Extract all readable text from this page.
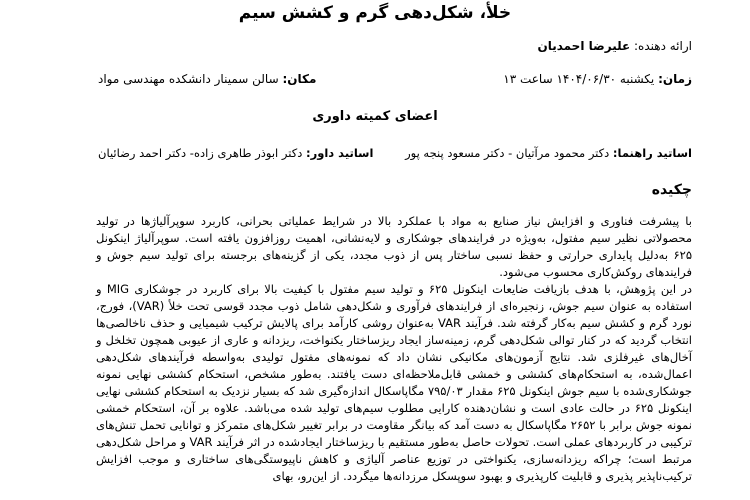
خلأ، شکل‌دهی گرم و کشش سیم
ارائه دهنده: علیرضا احمدیان
زمان: یکشنبه ۱۴۰۴/۰۶/۳۰ ساعت ۱۳
مکان: سالن سمینار دانشکده مهندسی مواد
اعضای کمیته داوری
اساتید راهنما: دکتر محمود مرآتیان - دکتر مسعود پنجه پور
اساتید داور: دکتر ابوذر طاهری زاده- دکتر احمد رضائیان
چکیده

با پیشرفت فناوری و افزایش نیاز صنایع به مواد با عملکرد بالا در شرایط عملیاتی بحرانی، کاربرد سوپرآلیاژها در تولید محصولاتی نظیر سیم مفتول، به‌ویژه در فرایندهای جوشکاری و لایه‌نشانی، اهمیت روزافزون یافته است. سوپرآلیاژ اینکونل ۶۲۵ به‌دلیل پایداری حرارتی و حفظ نسبی ساختار پس از ذوب مجدد، یکی از گزینه‌های برجسته برای تولید سیم جوش و فرایندهای روکش‌کاری محسوب می‌شود.

در این پژوهش، با هدف بازیافت ضایعات اینکونل ۶۲۵ و تولید سیم مفتول با کیفیت بالا برای کاربرد در جوشکاری MIG و استفاده به عنوان سیم جوش، زنجیره‌ای از فرایندهای فرآوری و شکل‌دهی شامل ذوب مجدد قوسی تحت خلأ (VAR)، فورج، نورد گرم و کشش سیم به‌کار گرفته شد. فرآیند VAR به‌عنوان روشی کارآمد برای پالایش ترکیب شیمیایی و حذف ناخالصی‌ها انتخاب گردید که در کنار توالی شکل‌دهی گرم، زمینه‌ساز ایجاد ریزساختار یکنواخت، ریزدانه و عاری از عیوبی همچون تخلخل و آخال‌های غیرفلزی شد. نتایج آزمون‌های مکانیکی نشان داد که نمونه‌های مفتول تولیدی به‌واسطه فرآیندهای شکل‌دهی اعمال‌شده، به استحکام‌های کششی و خمشی قابل‌ملاحظه‌ای دست یافتند. به‌طور مشخص، استحکام کششی نهایی نمونه جوشکاری‌شده با سیم جوش اینکونل ۶۲۵ مقدار ۷۹۵/۰۳ مگاپاسکال اندازه‌گیری شد که بسیار نزدیک به استحکام کششی نهایی اینکونل ۶۲۵ در حالت عادی است و نشان‌دهنده کارایی مطلوب سیم‌های تولید شده می‌باشد. علاوه بر آن، استحکام خمشی نمونه جوش برابر با ۲۶۵۲ مگاپاسکال به دست آمد که بیانگر مقاومت در برابر تغییر شکل‌های متمرکز و توانایی تحمل تنش‌های ترکیبی در کاربردهای عملی است. تحولات حاصل به‌طور مستقیم با ریزساختار ایجادشده در اثر فرآیند VAR و مراحل شکل‌دهی مرتبط است؛ چراکه ریزدانه‌سازی، یکنواختی در توزیع عناصر آلیاژی و کاهش ناپیوستگی‌های ساختاری و موجب افزایش ترکیب‌ناپذیر پذیری و قابلیت کارپذیری و بهبود سوپسکل مرزدانه‌ها میگردد. از این‌رو، بهای
